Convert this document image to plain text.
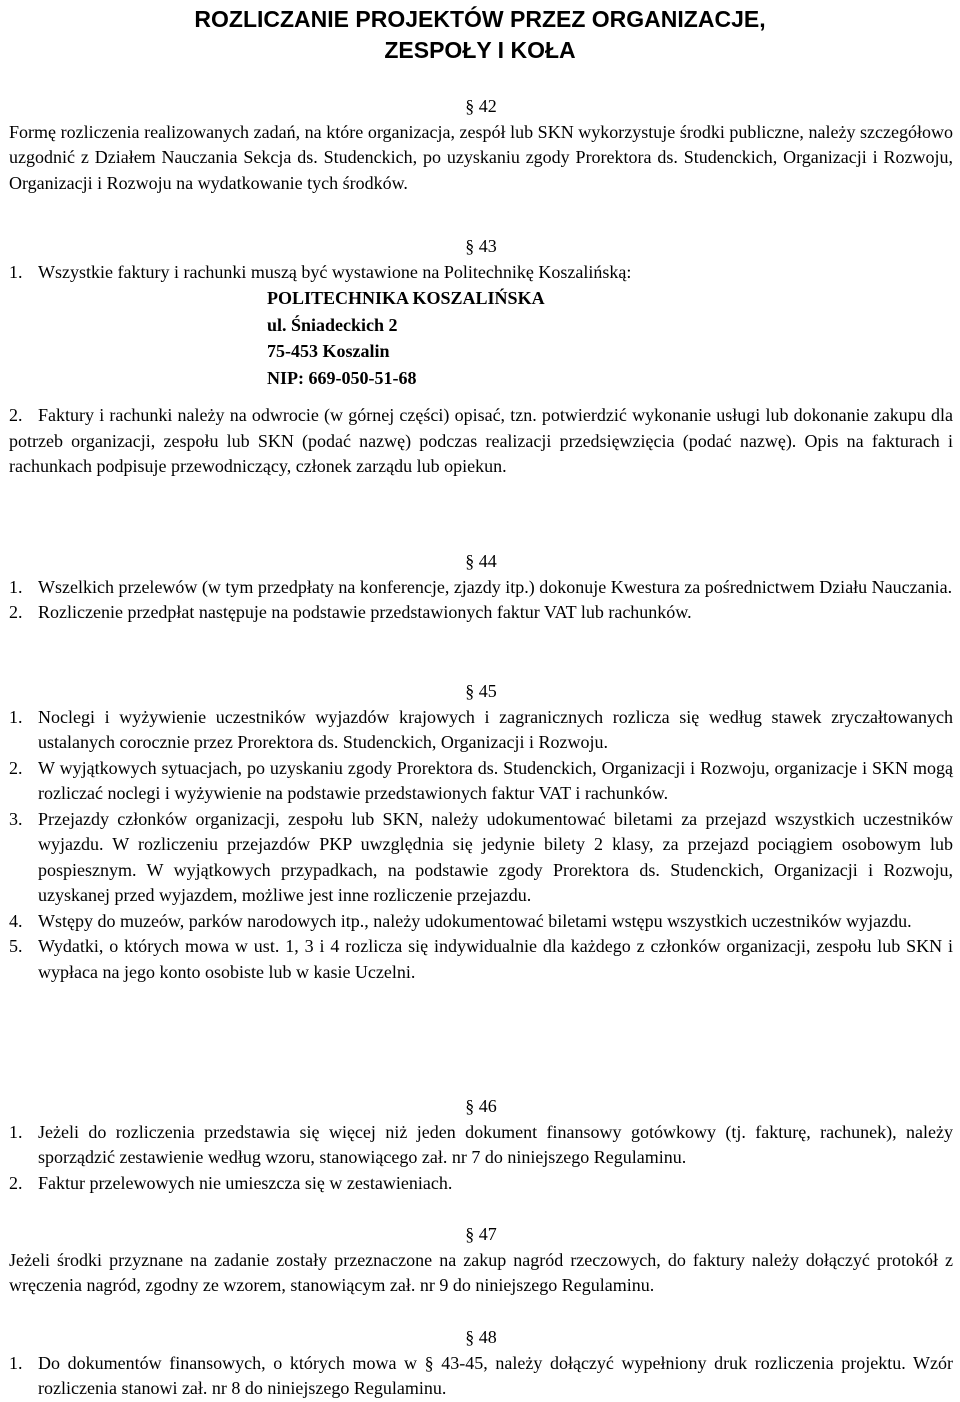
ROZLICZANIE PROJEKTÓW PRZEZ ORGANIZACJE,
ZESPOŁY I KOŁA
§ 42

Formę rozliczenia realizowanych zadań, na które organizacja, zespół lub SKN wykorzystuje środki publiczne, należy szczegółowo uzgodnić z Działem Nauczania Sekcja ds. Studenckich, po uzyskaniu zgody Prorektora ds. Studenckich, Organizacji i Rozwoju, Organizacji i Rozwoju na wydatkowanie tych środków.

§ 43
1. Wszystkie faktury i rachunki muszą być wystawione na Politechnikę Koszalińską:
POLITECHNIKA KOSZALIŃSKA
ul. Śniadeckich 2
75-453 Koszalin
NIP: 669-050-51-68
2. Faktury i rachunki należy na odwrocie (w górnej części) opisać, tzn. potwierdzić wykonanie usługi lub dokonanie zakupu dla potrzeb organizacji, zespołu lub SKN (podać nazwę) podczas realizacji przedsięwzięcia (podać nazwę). Opis na fakturach i rachunkach podpisuje przewodniczący, członek zarządu lub opiekun.
§ 44
1. Wszelkich przelewów (w tym przedpłaty na konferencje, zjazdy itp.) dokonuje Kwestura za pośrednictwem Działu Nauczania.
2. Rozliczenie przedpłat następuje na podstawie przedstawionych faktur VAT lub rachunków.
§ 45
1. Noclegi i wyżywienie uczestników wyjazdów krajowych i zagranicznych rozlicza się według stawek zryczałtowanych ustalanych corocznie przez Prorektora ds. Studenckich, Organizacji i Rozwoju.
2. W wyjątkowych sytuacjach, po uzyskaniu zgody Prorektora ds. Studenckich, Organizacji i Rozwoju, organizacje i SKN mogą rozliczać noclegi i wyżywienie na podstawie przedstawionych faktur VAT i rachunków.
3. Przejazdy członków organizacji, zespołu lub SKN, należy udokumentować biletami za przejazd wszystkich uczestników wyjazdu. W rozliczeniu przejazdów PKP uwzględnia się jedynie bilety 2 klasy, za przejazd pociągiem osobowym lub pospiesznym. W wyjątkowych przypadkach, na podstawie zgody Prorektora ds. Studenckich, Organizacji i Rozwoju, uzyskanej przed wyjazdem, możliwe jest inne rozliczenie przejazdu.
4. Wstępy do muzeów, parków narodowych itp., należy udokumentować biletami wstępu wszystkich uczestników wyjazdu.
5. Wydatki, o których mowa w ust. 1, 3 i 4 rozlicza się indywidualnie dla każdego z członków organizacji, zespołu lub SKN i wypłaca na jego konto osobiste lub w kasie Uczelni.
§ 46
1. Jeżeli do rozliczenia przedstawia się więcej niż jeden dokument finansowy gotówkowy (tj. fakturę, rachunek), należy sporządzić zestawienie według wzoru, stanowiącego zał. nr 7 do niniejszego Regulaminu.
2. Faktur przelewowych nie umieszcza się w zestawieniach.
§ 47

Jeżeli środki przyznane na zadanie zostały przeznaczone na zakup nagród rzeczowych, do faktury należy dołączyć protokół z wręczenia nagród, zgodny ze wzorem, stanowiącym zał. nr 9 do niniejszego Regulaminu.

§ 48
1. Do dokumentów finansowych, o których mowa w § 43-45, należy dołączyć wypełniony druk rozliczenia projektu. Wzór rozliczenia stanowi zał. nr 8 do niniejszego Regulaminu.
